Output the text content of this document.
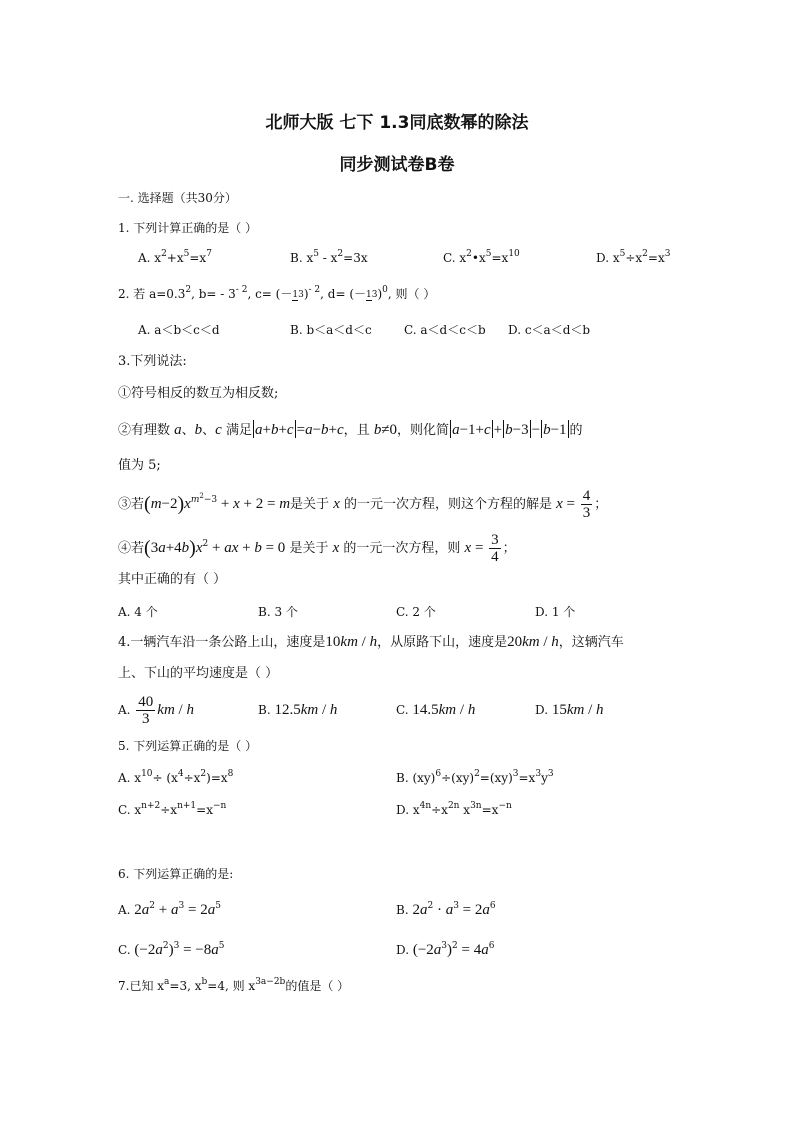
北师大版 七下 1.3同底数幂的除法
同步测试卷B卷
一. 选择题（共30分）
1. 下列计算正确的是（ ）
A. $x^2+x^5=x^7$	B. $x^5 - x^2=3x$	C. $x^2•x^5=x^{10}$	D. $x^5\div x^2=x^3$
2. 若 $a=0.3^2$, $b= - 3^{- 2}$, $c= (-13)^{- 2}$, $d= (-13)^0$, 则（ ）
A. a＜b＜c＜d	B. b＜a＜d＜c	C. a＜d＜c＜b D. c＜a＜d＜b
3.下列说法:
①符号相反的数互为相反数;
②有理数 a、b、c 满足 a+b+c =a−b+c，且 b≠0，则化简 a−1+c + b−3 − b−1 的
值为 5;
③若$(m-2)x^{m^2-3} + x + 2 = m$是关于 x 的一元一次方程，则这个方程的解是 $x = \frac{4}{3}$ ；
④若$(3a+4b)x^2$ + ax + b = 0 是关于 x 的一元一次方程，则 $x = \frac{3}{4}$ ；
其中正确的有（ ）
A. 4 个	B. 3 个	C. 2 个	D. 1 个
4.一辆汽车沿一条公路上山，速度是10km / h，从原路下山，速度是20km / h，这辆汽车
上、下山的平均速度是（ ）
A. $\frac{40}{3}$ km / h	B. 12.5km / h	C. 14.5km / h	D. 15km / h
5. 下列运算正确的是（ ）
A. $x^{10}\div (x^4\div x^2)=x^8$	B. $(xy)^6\div(xy)^2=(xy)^3=x^3y^3$
C. $x^{n+2}\div x^{n+1}=x^{-n}$	D. $x^{4n}\div x^{2n}$ $x^{3n}=x^{-n}$
6. 下列运算正确的是:
A. $2a^2 + a^3 = 2a^5$	B. $2a^2 \cdot a^3 = 2a^6$
C. $(-2a^2)^3 = -8a^5$	D. $(-2a^3)^2 = 4a^6$
7.已知 $x^a=3$, $x^b=4$, 则 $x^{3a-2b}$的值是（ ）
